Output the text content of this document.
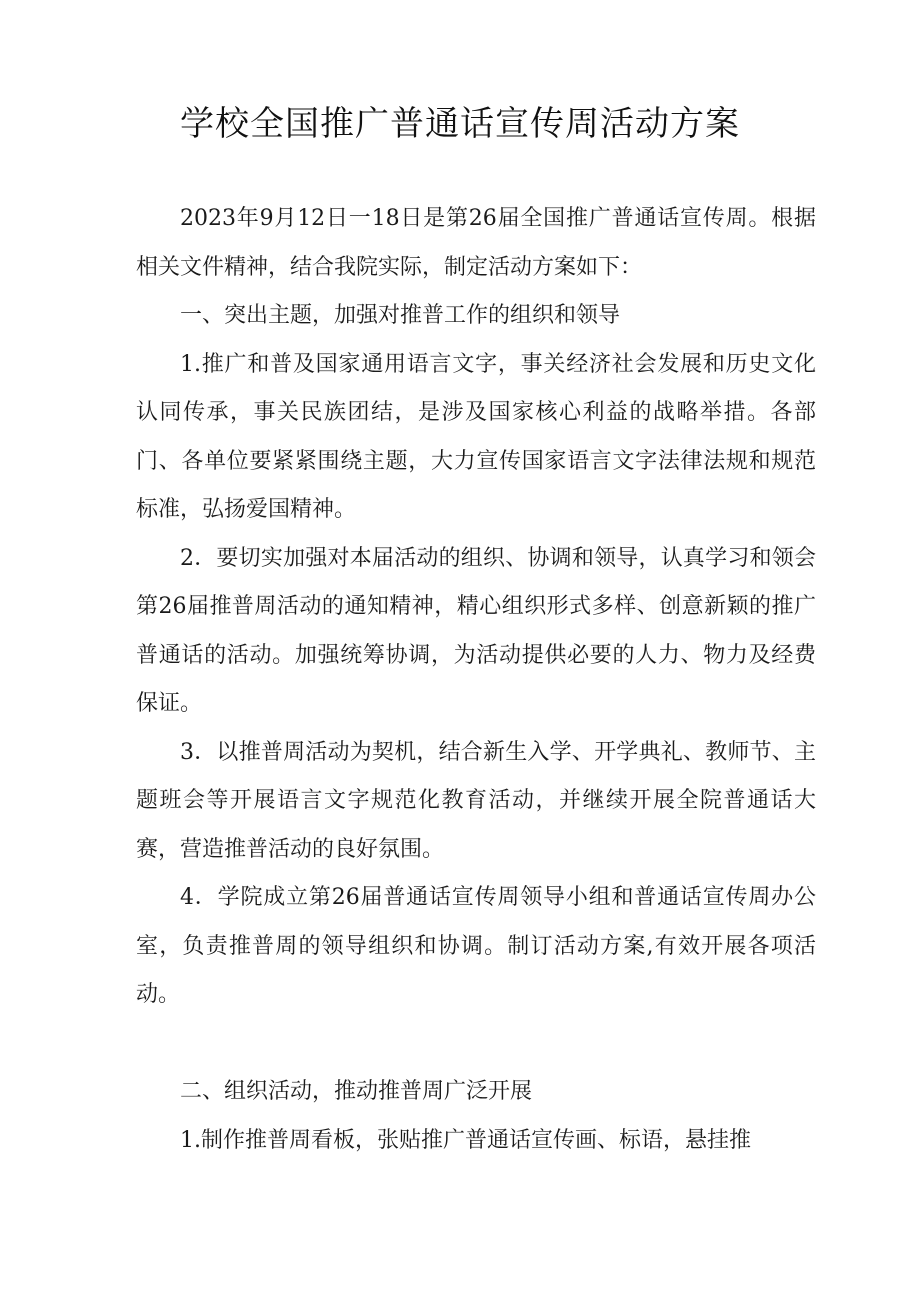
学校全国推广普通话宣传周活动方案

2023年9月12日一18日是第26届全国推广普通话宣传周。根据相关文件精神，结合我院实际，制定活动方案如下：

一、突出主题，加强对推普工作的组织和领导

1.推广和普及国家通用语言文字，事关经济社会发展和历史文化认同传承，事关民族团结，是涉及国家核心利益的战略举措。各部门、各单位要紧紧围绕主题，大力宣传国家语言文字法律法规和规范标准，弘扬爱国精神。

2．要切实加强对本届活动的组织、协调和领导，认真学习和领会第26届推普周活动的通知精神，精心组织形式多样、创意新颖的推广普通话的活动。加强统筹协调，为活动提供必要的人力、物力及经费保证。

3．以推普周活动为契机，结合新生入学、开学典礼、教师节、主题班会等开展语言文字规范化教育活动，并继续开展全院普通话大赛，营造推普活动的良好氛围。

4．学院成立第26届普通话宣传周领导小组和普通话宣传周办公室，负责推普周的领导组织和协调。制订活动方案,有效开展各项活动。

二、组织活动，推动推普周广泛开展

1.制作推普周看板，张贴推广普通话宣传画、标语，悬挂推
